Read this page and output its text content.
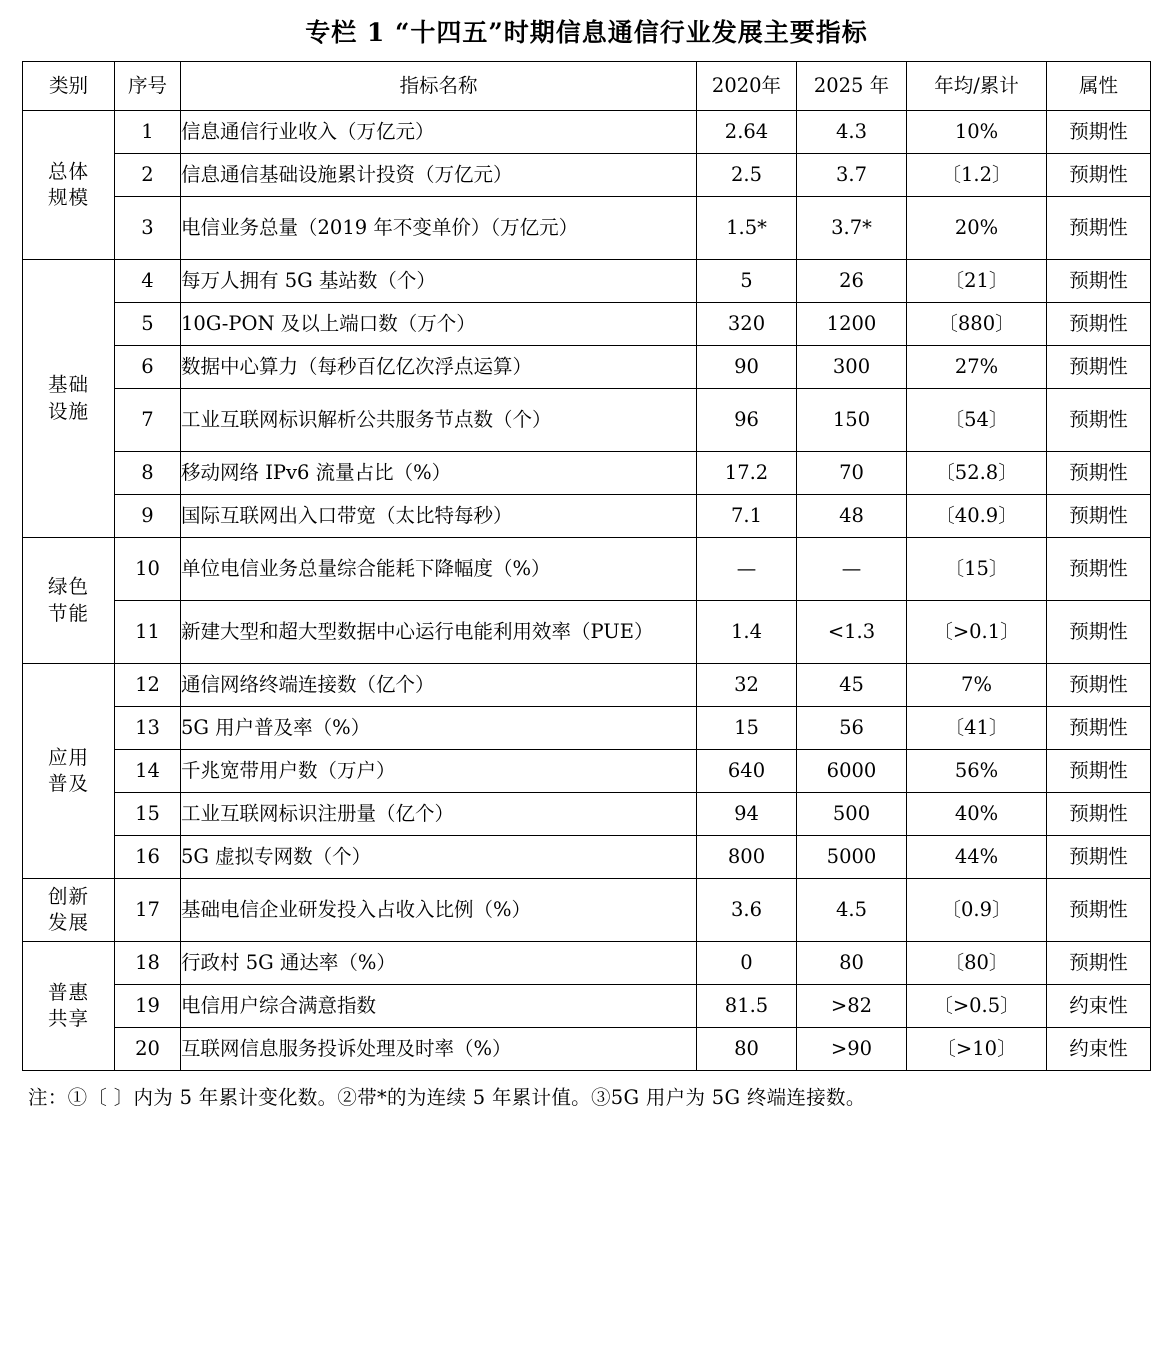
专栏 1 “十四五”时期信息通信行业发展主要指标
类别	序号	指标名称	2020年	2025 年	年均/累计	属性

总体
规模	1	信息通信行业收入（万亿元）	2.64	4.3	10%	预期性
	2	信息通信基础设施累计投资（万亿元）	2.5	3.7	〔1.2〕	预期性
	3	电信业务总量（2019 年不变单价）（万亿元）	1.5*	3.7*	20%	预期性

基础
设施	4	每万人拥有 5G 基站数（个）	5	26	〔21〕	预期性
	5	10G-PON 及以上端口数（万个）	320	1200	〔880〕	预期性
	6	数据中心算力（每秒百亿亿次浮点运算）	90	300	27%	预期性
	7	工业互联网标识解析公共服务节点数（个）	96	150	〔54〕	预期性
	8	移动网络 IPv6 流量占比（%）	17.2	70	〔52.8〕	预期性
	9	国际互联网出入口带宽（太比特每秒）	7.1	48	〔40.9〕	预期性

绿色
节能	10	单位电信业务总量综合能耗下降幅度（%）	—	—	〔15〕	预期性
	11	新建大型和超大型数据中心运行电能利用效率（PUE）	1.4	<1.3	〔>0.1〕	预期性

应用
普及	12	通信网络终端连接数（亿个）	32	45	7%	预期性
	13	5G 用户普及率（%）	15	56	〔41〕	预期性
	14	千兆宽带用户数（万户）	640	6000	56%	预期性
	15	工业互联网标识注册量（亿个）	94	500	40%	预期性
	16	5G 虚拟专网数（个）	800	5000	44%	预期性

创新
发展	17	基础电信企业研发投入占收入比例（%）	3.6	4.5	〔0.9〕	预期性

普惠
共享	18	行政村 5G 通达率（%）	0	80	〔80〕	预期性
	19	电信用户综合满意指数	81.5	>82	〔>0.5〕	约束性
	20	互联网信息服务投诉处理及时率（%）	80	>90	〔>10〕	约束性
注：①〔 〕内为 5 年累计变化数。②带*的为连续 5 年累计值。③5G 用户为 5G 终端连接数。
